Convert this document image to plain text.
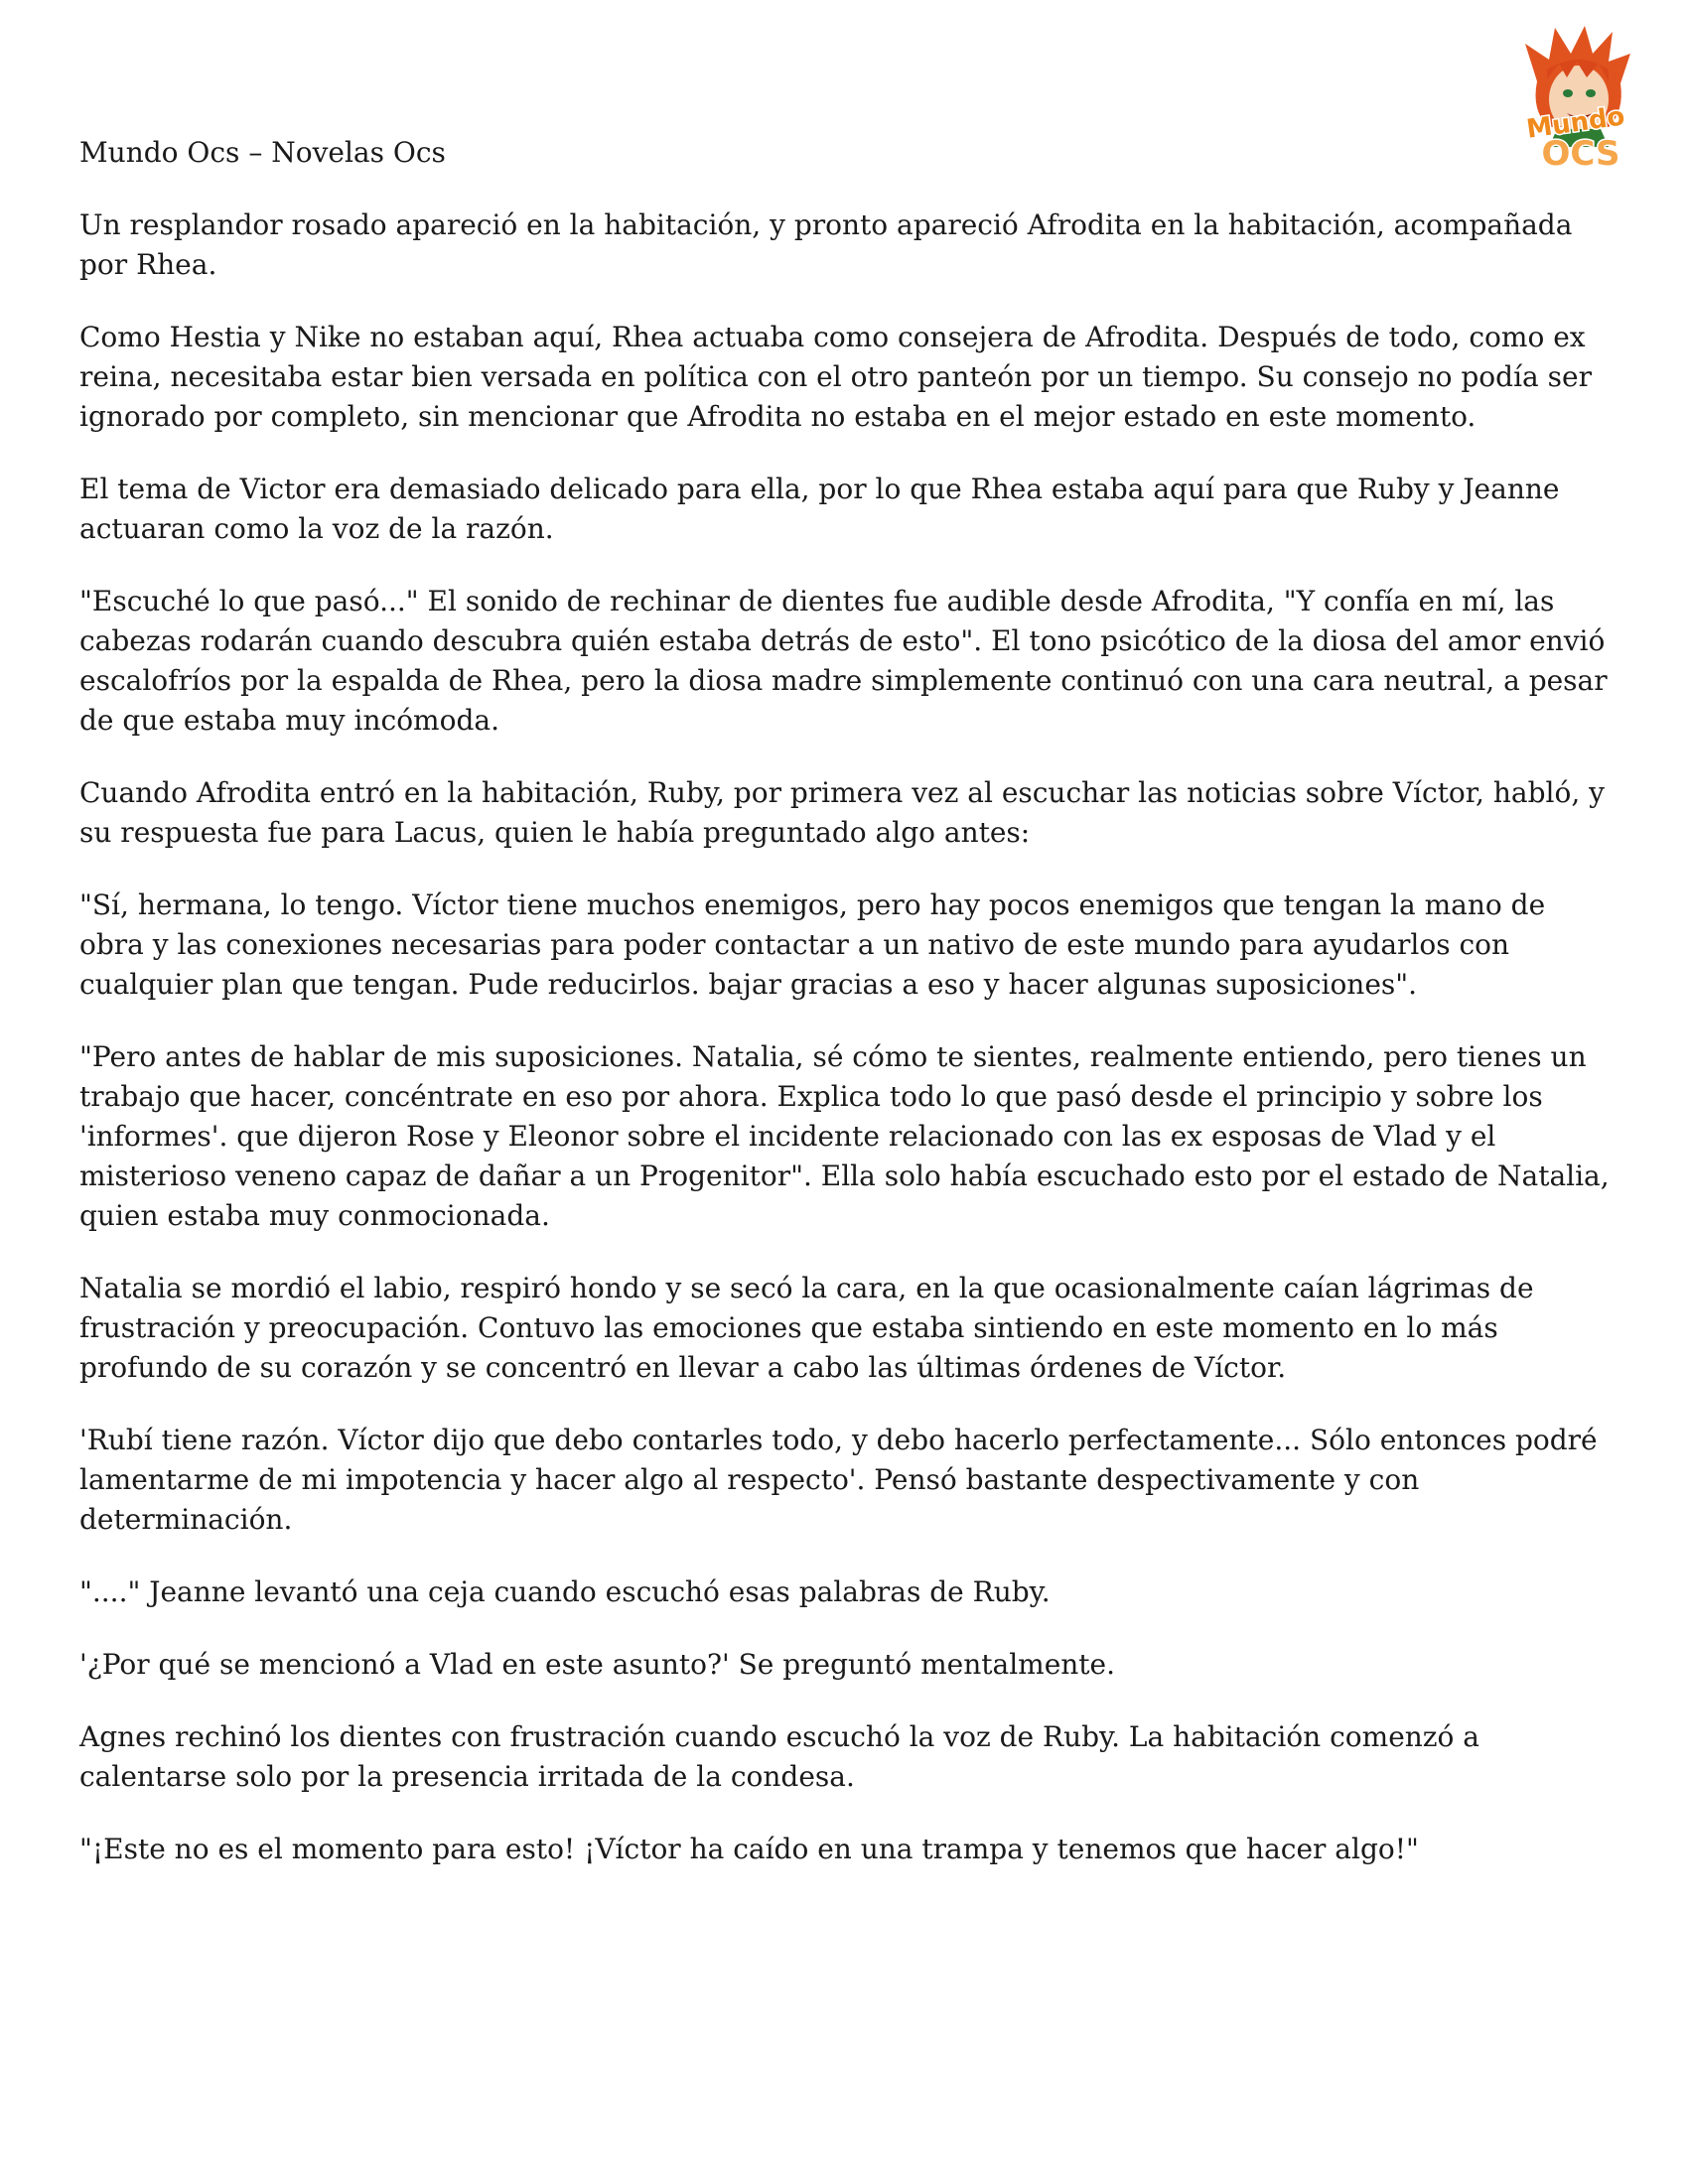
Mundo
OCS

Mundo Ocs – Novelas Ocs

Un resplandor rosado apareció en la habitación, y pronto apareció Afrodita en la habitación, acompañada por Rhea.

Como Hestia y Nike no estaban aquí, Rhea actuaba como consejera de Afrodita. Después de todo, como ex reina, necesitaba estar bien versada en política con el otro panteón por un tiempo. Su consejo no podía ser ignorado por completo, sin mencionar que Afrodita no estaba en el mejor estado en este momento.

El tema de Victor era demasiado delicado para ella, por lo que Rhea estaba aquí para que Ruby y Jeanne actuaran como la voz de la razón.

"Escuché lo que pasó..." El sonido de rechinar de dientes fue audible desde Afrodita, "Y confía en mí, las cabezas rodarán cuando descubra quién estaba detrás de esto". El tono psicótico de la diosa del amor envió escalofríos por la espalda de Rhea, pero la diosa madre simplemente continuó con una cara neutral, a pesar de que estaba muy incómoda.

Cuando Afrodita entró en la habitación, Ruby, por primera vez al escuchar las noticias sobre Víctor, habló, y su respuesta fue para Lacus, quien le había preguntado algo antes:

"Sí, hermana, lo tengo. Víctor tiene muchos enemigos, pero hay pocos enemigos que tengan la mano de obra y las conexiones necesarias para poder contactar a un nativo de este mundo para ayudarlos con cualquier plan que tengan. Pude reducirlos. bajar gracias a eso y hacer algunas suposiciones".

"Pero antes de hablar de mis suposiciones. Natalia, sé cómo te sientes, realmente entiendo, pero tienes un trabajo que hacer, concéntrate en eso por ahora. Explica todo lo que pasó desde el principio y sobre los 'informes'. que dijeron Rose y Eleonor sobre el incidente relacionado con las ex esposas de Vlad y el misterioso veneno capaz de dañar a un Progenitor". Ella solo había escuchado esto por el estado de Natalia, quien estaba muy conmocionada.

Natalia se mordió el labio, respiró hondo y se secó la cara, en la que ocasionalmente caían lágrimas de frustración y preocupación. Contuvo las emociones que estaba sintiendo en este momento en lo más profundo de su corazón y se concentró en llevar a cabo las últimas órdenes de Víctor.

'Rubí tiene razón. Víctor dijo que debo contarles todo, y debo hacerlo perfectamente... Sólo entonces podré lamentarme de mi impotencia y hacer algo al respecto'. Pensó bastante despectivamente y con determinación.

"...." Jeanne levantó una ceja cuando escuchó esas palabras de Ruby.

'¿Por qué se mencionó a Vlad en este asunto?' Se preguntó mentalmente.

Agnes rechinó los dientes con frustración cuando escuchó la voz de Ruby. La habitación comenzó a calentarse solo por la presencia irritada de la condesa.

"¡Este no es el momento para esto! ¡Víctor ha caído en una trampa y tenemos que hacer algo!"
